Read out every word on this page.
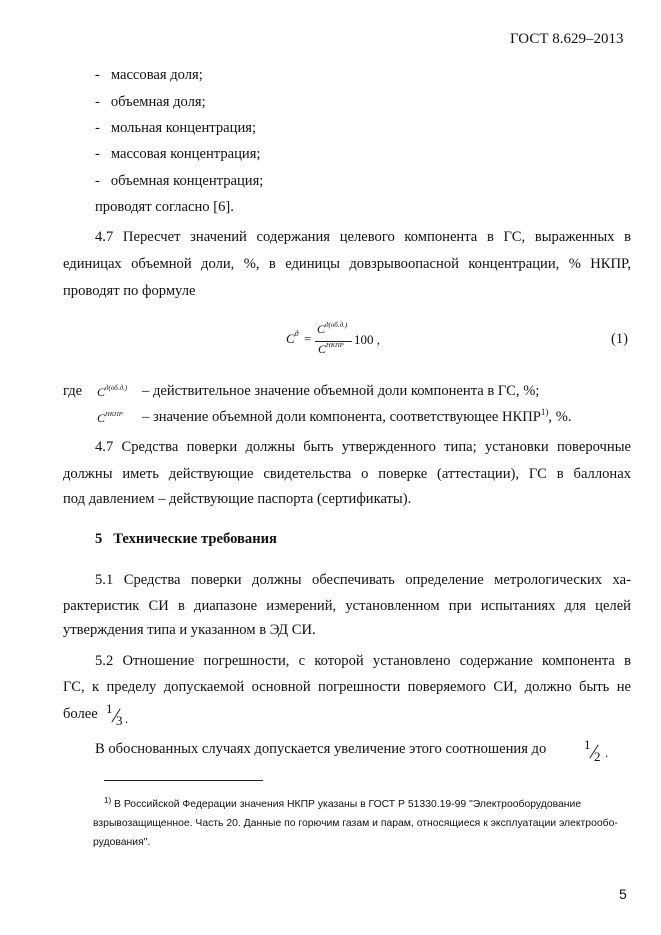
ГОСТ 8.629–2013
- массовая доля;
- объемная доля;
- мольная концентрация;
- массовая концентрация;
- объемная концентрация;
проводят согласно [6].
4.7 Пересчет значений содержания целевого компонента в ГС, выраженных в
единицах объемной доли, %, в единицы довзрывоопасной концентрации, % НКПР,
проводят по формуле
$C^д$ =
$C^{д(об.д.)}$
$C^{НКПР}$ 100 ,	(1)
где $C^{д(об.д.)}$ – действительное значение объемной доли компонента в ГС, %;
$C^{НКПР}$ – значение объемной доли компонента, соответствующее НКПР$^{1)}$, %.
4.7 Средства поверки должны быть утвержденного типа; установки поверочные
должны иметь действующие свидетельства о поверке (аттестации), ГС в баллонах
под давлением – действующие паспорта (сертификаты).
5 Технические требования
5.1 Средства поверки должны обеспечивать определение метрологических ха-
рактеристик СИ в диапазоне измерений, установленном при испытаниях для целей
утверждения типа и указанном в ЭД СИ.
5.2 Отношение погрешности, с которой установлено содержание компонента в
ГС, к пределу допускаемой основной погрешности поверяемого СИ, должно быть не
более 1
3 .
В обоснованных случаях допускается увеличение этого соотношения до	1
2 .
$^{1)}$ В Российской Федерации значения НКПР указаны в ГОСТ Р 51330.19-99 "Электрооборудование
взрывозащищенное. Часть 20. Данные по горючим газам и парам, относящиеся к эксплуатации электрообо-
рудования".
5
